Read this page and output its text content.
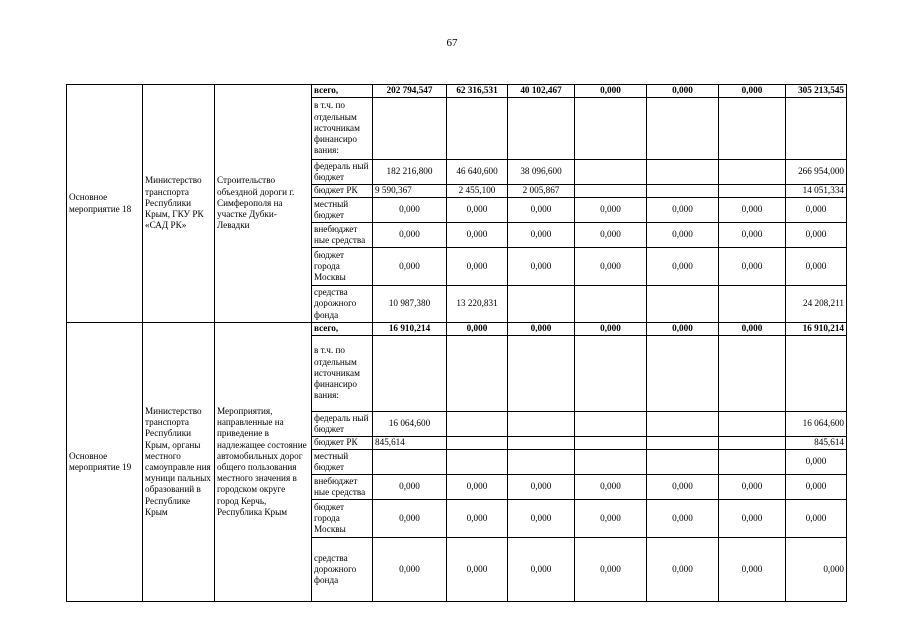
67
Основное мероприятие 18	Министерство транспорта Республики Крым, ГКУ РК «САД РК»	Строительство объездной дороги г. Симферополя на участке Дубки-Левадки	всего,	202 794,547	62 316,531	40 102,467	0,000	0,000	0,000	305 213,545
			в т.ч. по отдельным источникам финансиро вания:							
			федераль ный бюджет	182 216,800	46 640,600	38 096,600				266 954,000
			бюджет РК	9 590,367	2 455,100	2 005,867				14 051,334
			местный бюджет	0,000	0,000	0,000	0,000	0,000	0,000	0,000
			внебюджет ные средства	0,000	0,000	0,000	0,000	0,000	0,000	0,000
			бюджет города Москвы	0,000	0,000	0,000	0,000	0,000	0,000	0,000
			средства дорожного фонда	10 987,380	13 220,831					24 208,211
Основное мероприятие 19	Министерство транспорта Республики Крым, органы местного самоуправле ния муници пальных образований в Республике Крым	Мероприятия, направленные на приведение в надлежащее состояние автомобильных дорог общего пользования местного значения в городском округе город Керчь, Республика Крым	всего,	16 910,214	0,000	0,000	0,000	0,000	0,000	16 910,214
			в т.ч. по отдельным источникам финансиро вания:							
			федераль ный бюджет	16 064,600						16 064,600
			бюджет РК	845,614						845,614
			местный бюджет							0,000
			внебюджет ные средства	0,000	0,000	0,000	0,000	0,000	0,000	0,000
			бюджет города Москвы	0,000	0,000	0,000	0,000	0,000	0,000	0,000
			средства дорожного фонда	0,000	0,000	0,000	0,000	0,000	0,000	0,000
